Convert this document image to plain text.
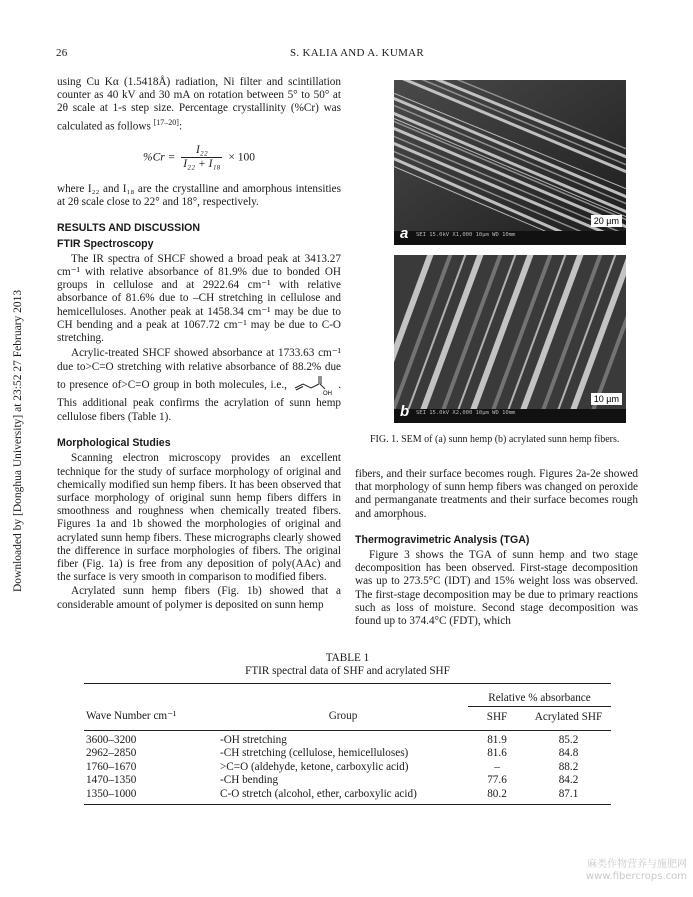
26	S. KALIA AND A. KUMAR
Downloaded by [Donghua University] at 23:52 27 February 2013

using Cu Kα (1.5418Å) radiation, Ni filter and scintillation counter as 40 kV and 30 mA on rotation between 5° to 50° at 2θ scale at 1-s step size. Percentage crystallinity (%Cr) was calculated as follows [17–20]:

$\%Cr = \frac{\text{I₂₂}}{\text{I₂₂ + I₁₈}} \times 100$

where I₂₂ and I₁₈ are the crystalline and amorphous intensities at 2θ scale close to 22° and 18°, respectively.

RESULTS AND DISCUSSION
FTIR Spectroscopy

The IR spectra of SHCF showed a broad peak at 3413.27 cm⁻¹ with relative absorbance of 81.9% due to bonded OH groups in cellulose and at 2922.64 cm⁻¹ with relative absorbance of 81.6% due to –CH stretching in cellulose and hemicelluloses. Another peak at 1458.34 cm⁻¹ may be due to CH bending and a peak at 1067.72 cm⁻¹ may be due to C-O stretching.

Acrylic-treated SHCF showed absorbance at 1733.63 cm⁻¹ due to>C=O stretching with relative absorbance of 88.2% due to presence of>C=O group in both molecules, i.e.,
OH
. This additional peak confirms the acrylation of sunn hemp cellulose fibers (Table 1).

Morphological Studies

Scanning electron microscopy provides an excellent technique for the study of surface morphology of original and chemically modified sun hemp fibers. It has been observed that surface morphology of original sunn hemp fibers differs in smoothness and roughness when chemically treated fibers. Figures 1a and 1b showed the morphologies of original and acrylated sunn hemp fibers. These micrographs clearly showed the difference in surface morphologies of fibers. The original fiber (Fig. 1a) is free from any deposition of poly(AAc) and the surface is very smooth in comparison to modified fibers.

Acrylated sunn hemp fibers (Fig. 1b) showed that a considerable amount of polymer is deposited on sunn hemp

SEI 15.0kV X1,000 10µm WD 10mm
a
20 µm
SEI 15.0kV X2,000 10µm WD 10mm
b
10 µm
FIG. 1. SEM of (a) sunn hemp (b) acrylated sunn hemp fibers.

fibers, and their surface becomes rough. Figures 2a-2e showed that morphology of sunn hemp fibers was changed on peroxide and permanganate treatments and their surface becomes rough and amorphous.

Thermogravimetric Analysis (TGA)

Figure 3 shows the TGA of sunn hemp and two stage decomposition has been observed. First-stage decomposition was up to 273.5°C (IDT) and 15% weight loss was observed. The first-stage decomposition may be due to primary reactions such as loss of moisture. Second stage decomposition was found up to 374.4°C (FDT), which

TABLE 1
FTIR spectral data of SHF and acrylated SHF
		Relative % absorbance	
Wave Number cm⁻¹	Group	SHF	Acrylated SHF
3600–3200	-OH stretching	81.9	85.2
2962–2850	-CH stretching (cellulose, hemicelluloses)	81.6	84.8
1760–1670	>C=O (aldehyde, ketone, carboxylic acid)	–	88.2
1470–1350	-CH bending	77.6	84.2
1350–1000	C-O stretch (alcohol, ether, carboxylic acid)	80.2	87.1
麻类作物营养与施肥网
www.fibercrops.com
